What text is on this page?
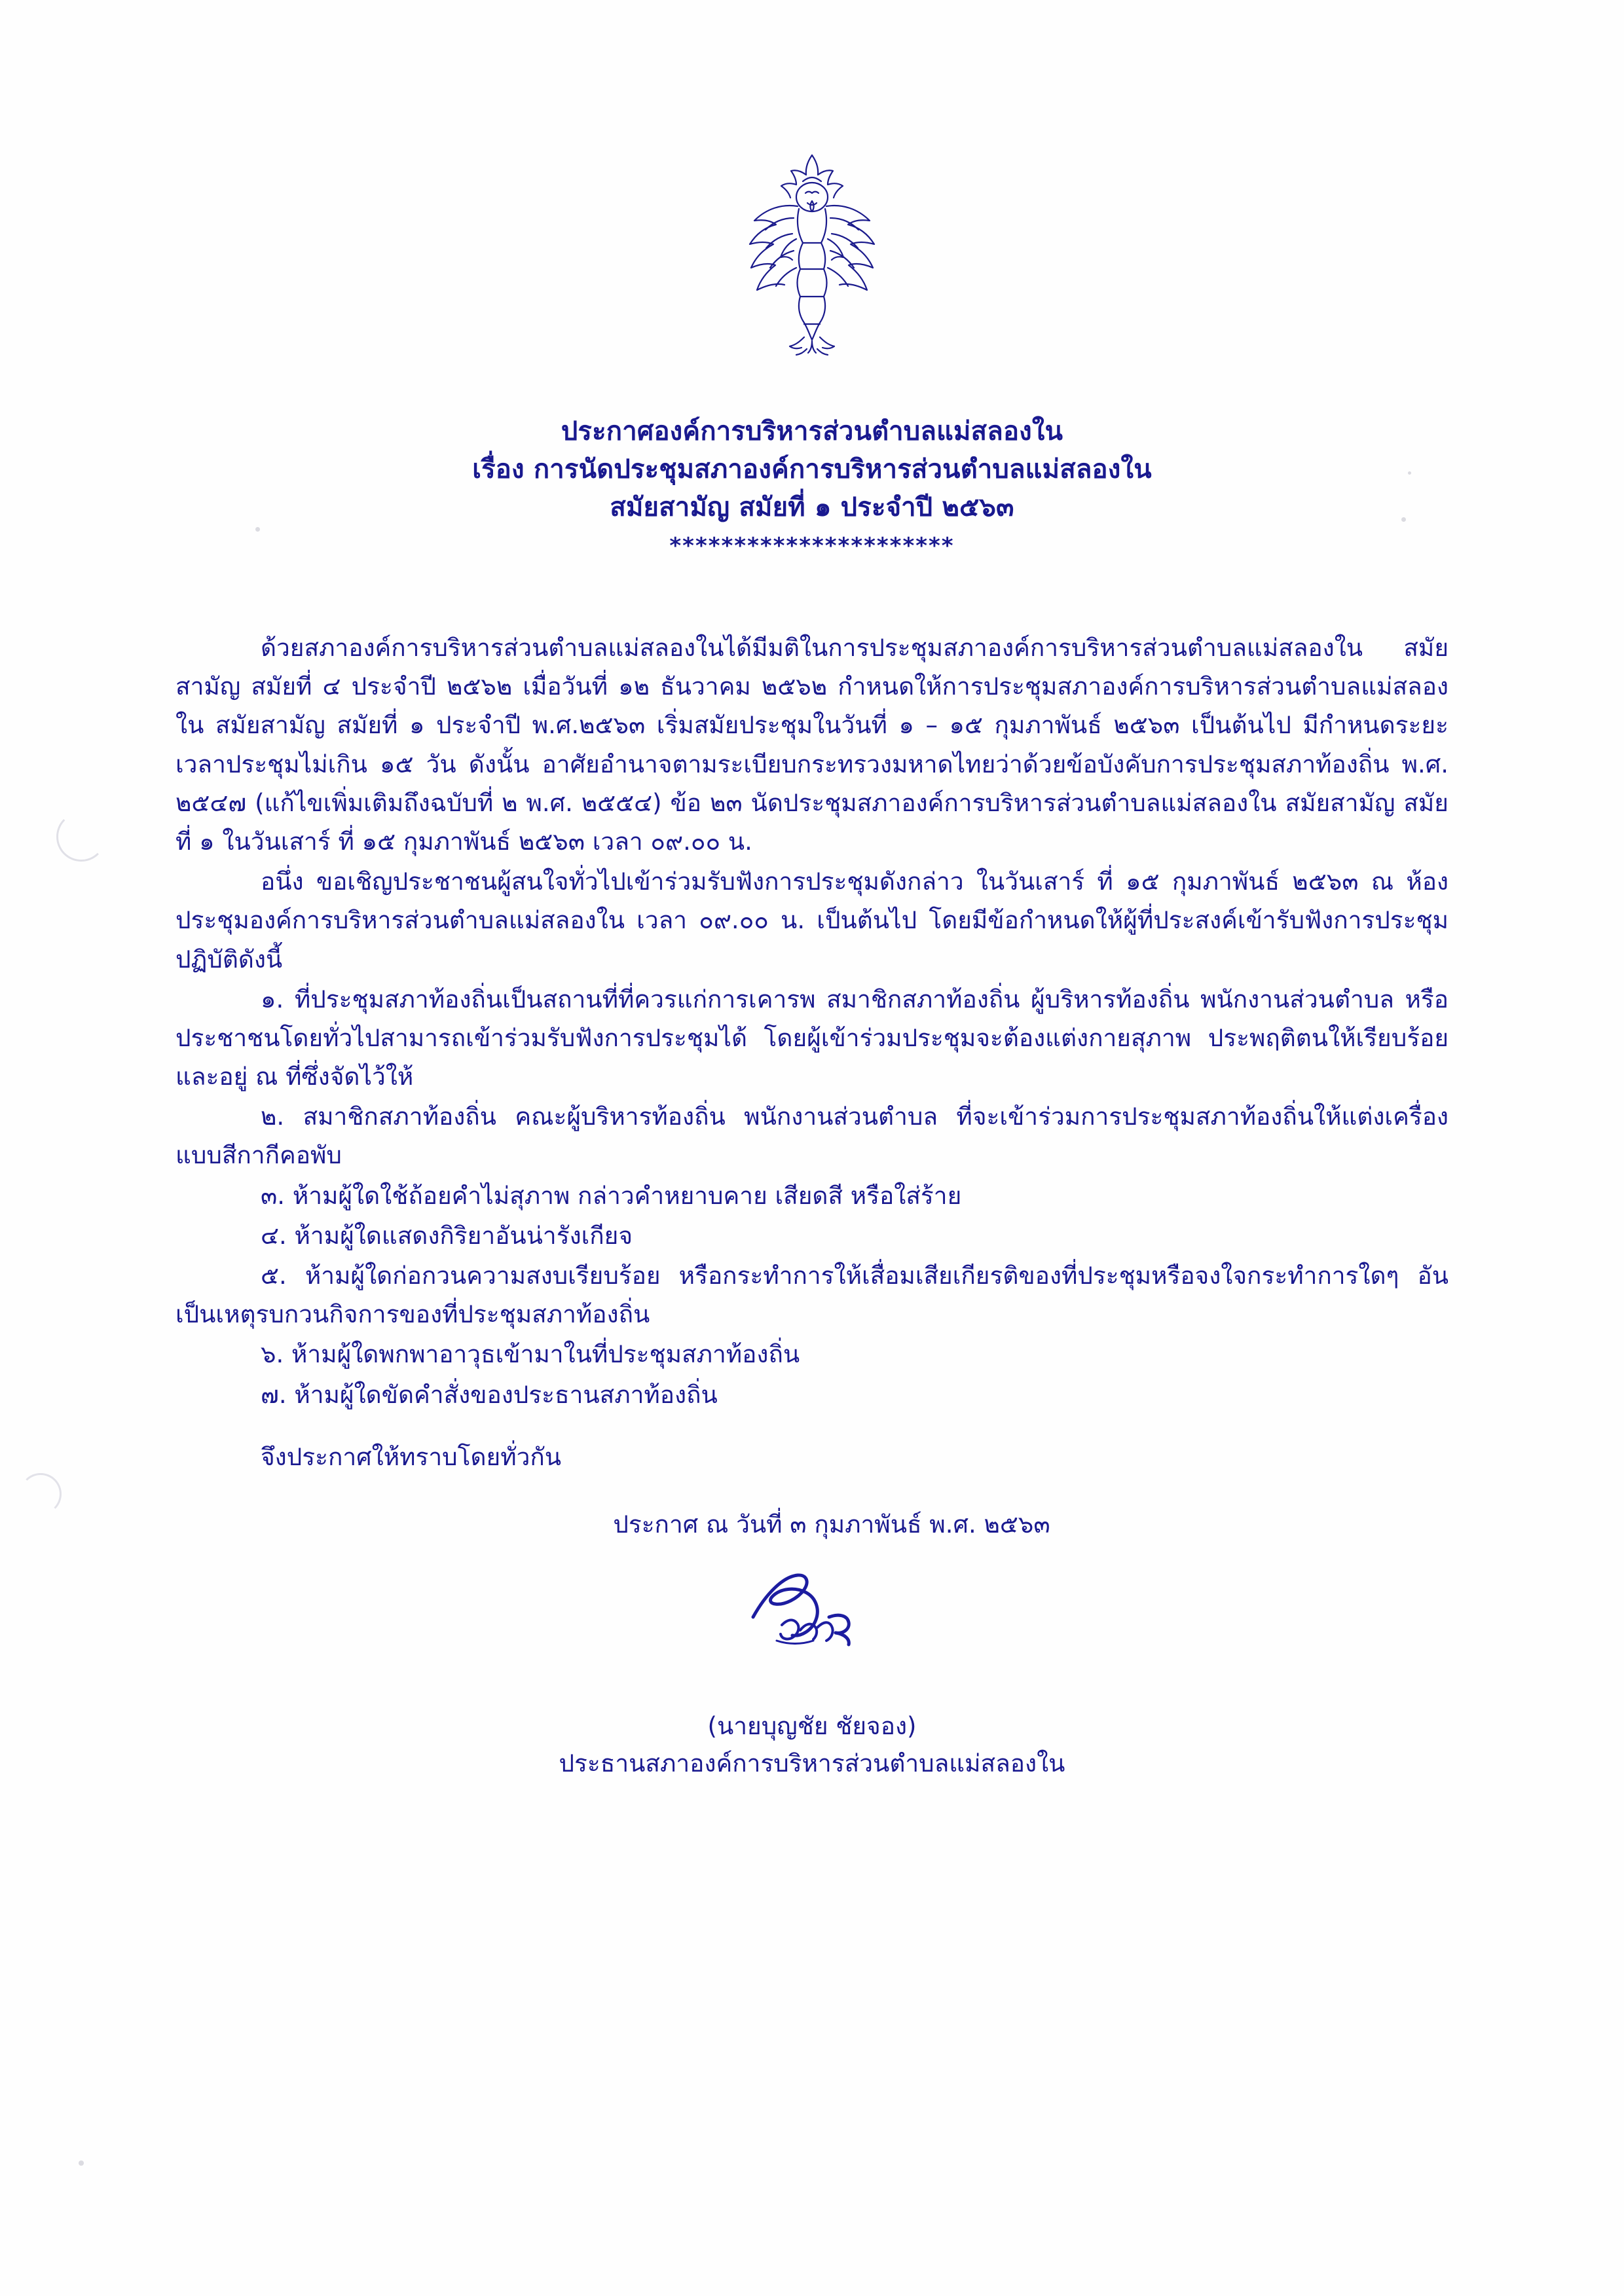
ประกาศองค์การบริหารส่วนตำบลแม่สลองใน
เรื่อง การนัดประชุมสภาองค์การบริหารส่วนตำบลแม่สลองใน
สมัยสามัญ สมัยที่ ๑ ประจำปี ๒๕๖๓
**********************

ด้วยสภาองค์การบริหารส่วนตำบลแม่สลองในได้มีมติในการประชุมสภาองค์การบริหารส่วนตำบลแม่สลองใน สมัยสามัญ สมัยที่ ๔ ประจำปี ๒๕๖๒ เมื่อวันที่ ๑๒ ธันวาคม ๒๕๖๒ กำหนดให้การประชุมสภาองค์การบริหารส่วนตำบลแม่สลองใน สมัยสามัญ สมัยที่ ๑ ประจำปี พ.ศ.๒๕๖๓ เริ่มสมัยประชุมในวันที่ ๑ – ๑๕ กุมภาพันธ์ ๒๕๖๓ เป็นต้นไป มีกำหนดระยะเวลาประชุมไม่เกิน ๑๕ วัน ดังนั้น อาศัยอำนาจตามระเบียบกระทรวงมหาดไทยว่าด้วยข้อบังคับการประชุมสภาท้องถิ่น พ.ศ. ๒๕๔๗ (แก้ไขเพิ่มเติมถึงฉบับที่ ๒ พ.ศ. ๒๕๕๔) ข้อ ๒๓ นัดประชุมสภาองค์การบริหารส่วนตำบลแม่สลองใน สมัยสามัญ สมัยที่ ๑ ในวันเสาร์ ที่ ๑๕ กุมภาพันธ์ ๒๕๖๓ เวลา ๐๙.๐๐ น.

อนึ่ง ขอเชิญประชาชนผู้สนใจทั่วไปเข้าร่วมรับฟังการประชุมดังกล่าว ในวันเสาร์ ที่ ๑๕ กุมภาพันธ์ ๒๕๖๓ ณ ห้องประชุมองค์การบริหารส่วนตำบลแม่สลองใน เวลา ๐๙.๐๐ น. เป็นต้นไป โดยมีข้อกำหนดให้ผู้ที่ประสงค์เข้ารับฟังการประชุม ปฏิบัติดังนี้

๑. ที่ประชุมสภาท้องถิ่นเป็นสถานที่ที่ควรแก่การเคารพ สมาชิกสภาท้องถิ่น ผู้บริหารท้องถิ่น พนักงานส่วนตำบล หรือประชาชนโดยทั่วไปสามารถเข้าร่วมรับฟังการประชุมได้ โดยผู้เข้าร่วมประชุมจะต้องแต่งกายสุภาพ ประพฤติตนให้เรียบร้อย และอยู่ ณ ที่ซึ่งจัดไว้ให้

๒. สมาชิกสภาท้องถิ่น คณะผู้บริหารท้องถิ่น พนักงานส่วนตำบล ที่จะเข้าร่วมการประชุมสภาท้องถิ่นให้แต่งเครื่องแบบสีกากีคอพับ

๓. ห้ามผู้ใดใช้ถ้อยคำไม่สุภาพ กล่าวคำหยาบคาย เสียดสี หรือใส่ร้าย

๔. ห้ามผู้ใดแสดงกิริยาอันน่ารังเกียจ

๕. ห้ามผู้ใดก่อกวนความสงบเรียบร้อย หรือกระทำการให้เสื่อมเสียเกียรติของที่ประชุมหรือจงใจกระทำการใดๆ อันเป็นเหตุรบกวนกิจการของที่ประชุมสภาท้องถิ่น

๖. ห้ามผู้ใดพกพาอาวุธเข้ามาในที่ประชุมสภาท้องถิ่น

๗. ห้ามผู้ใดขัดคำสั่งของประธานสภาท้องถิ่น

จึงประกาศให้ทราบโดยทั่วกัน
ประกาศ ณ วันที่ ๓ กุมภาพันธ์ พ.ศ. ๒๕๖๓
(นายบุญชัย ชัยจอง)
ประธานสภาองค์การบริหารส่วนตำบลแม่สลองใน
